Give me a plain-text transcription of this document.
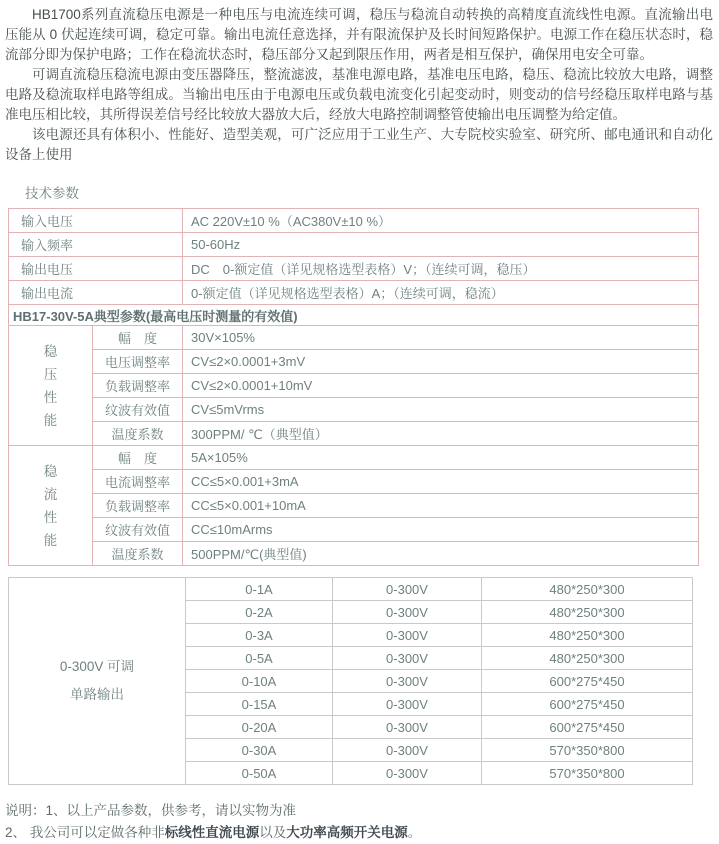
HB1700系列直流稳压电源是一种电压与电流连续可调，稳压与稳流自动转换的高精度直流线性电源。直流输出电压能从 0 伏起连续可调，稳定可靠。输出电流任意选择，并有限流保护及长时间短路保护。电源工作在稳压状态时，稳流部分即为保护电路；工作在稳流状态时，稳压部分又起到限压作用，两者是相互保护，确保用电安全可靠。

可调直流稳压稳流电源由变压器降压，整流滤波，基准电源电路，基准电压电路，稳压、稳流比较放大电路，调整电路及稳流取样电路等组成。当输出电压由于电源电压或负载电流变化引起变动时，则变动的信号经稳压取样电路与基准电压相比较，其所得误差信号经比较放大器放大后，经放大电路控制调整管使输出电压调整为给定值。

该电源还具有体积小、性能好、造型美观，可广泛应用于工业生产、大专院校实验室、研究所、邮电通讯和自动化设备上使用

技术参数
输入电压		AC 220V±10 %（AC380V±10 %）
输入频率		50-60Hz
输出电压		DC　0-额定值（详见规格选型表格）V；（连续可调，稳压）
输出电流		0-额定值（详见规格选型表格）A；（连续可调，稳流）
HB17-30V-5A典型参数(最高电压时测量的有效值)		

稳压性能	幅　度	30V×105%
	电压调整率	CV≤2×0.0001+3mV
	负载调整率	CV≤2×0.0001+10mV
	纹波有效值	CV≤5mVrms
	温度系数	300PPM/ ℃（典型值）

稳流性能	幅　度	5A×105%
	电流调整率	CC≤5×0.001+3mA
	负载调整率	CC≤5×0.001+10mA
	纹波有效值	CC≤10mArms
	温度系数	500PPM/℃(典型值)
0-300V 可调
单路输出	0-1A	0-300V	480*250*300
	0-2A	0-300V	480*250*300
	0-3A	0-300V	480*250*300
	0-5A	0-300V	480*250*300
	0-10A	0-300V	600*275*450
	0-15A	0-300V	600*275*450
	0-20A	0-300V	600*275*450
	0-30A	0-300V	570*350*800
	0-50A	0-300V	570*350*800

说明：1、以上产品参数，供参考，请以实物为准

2、 我公司可以定做各种非标线性直流电源以及大功率高频开关电源。
